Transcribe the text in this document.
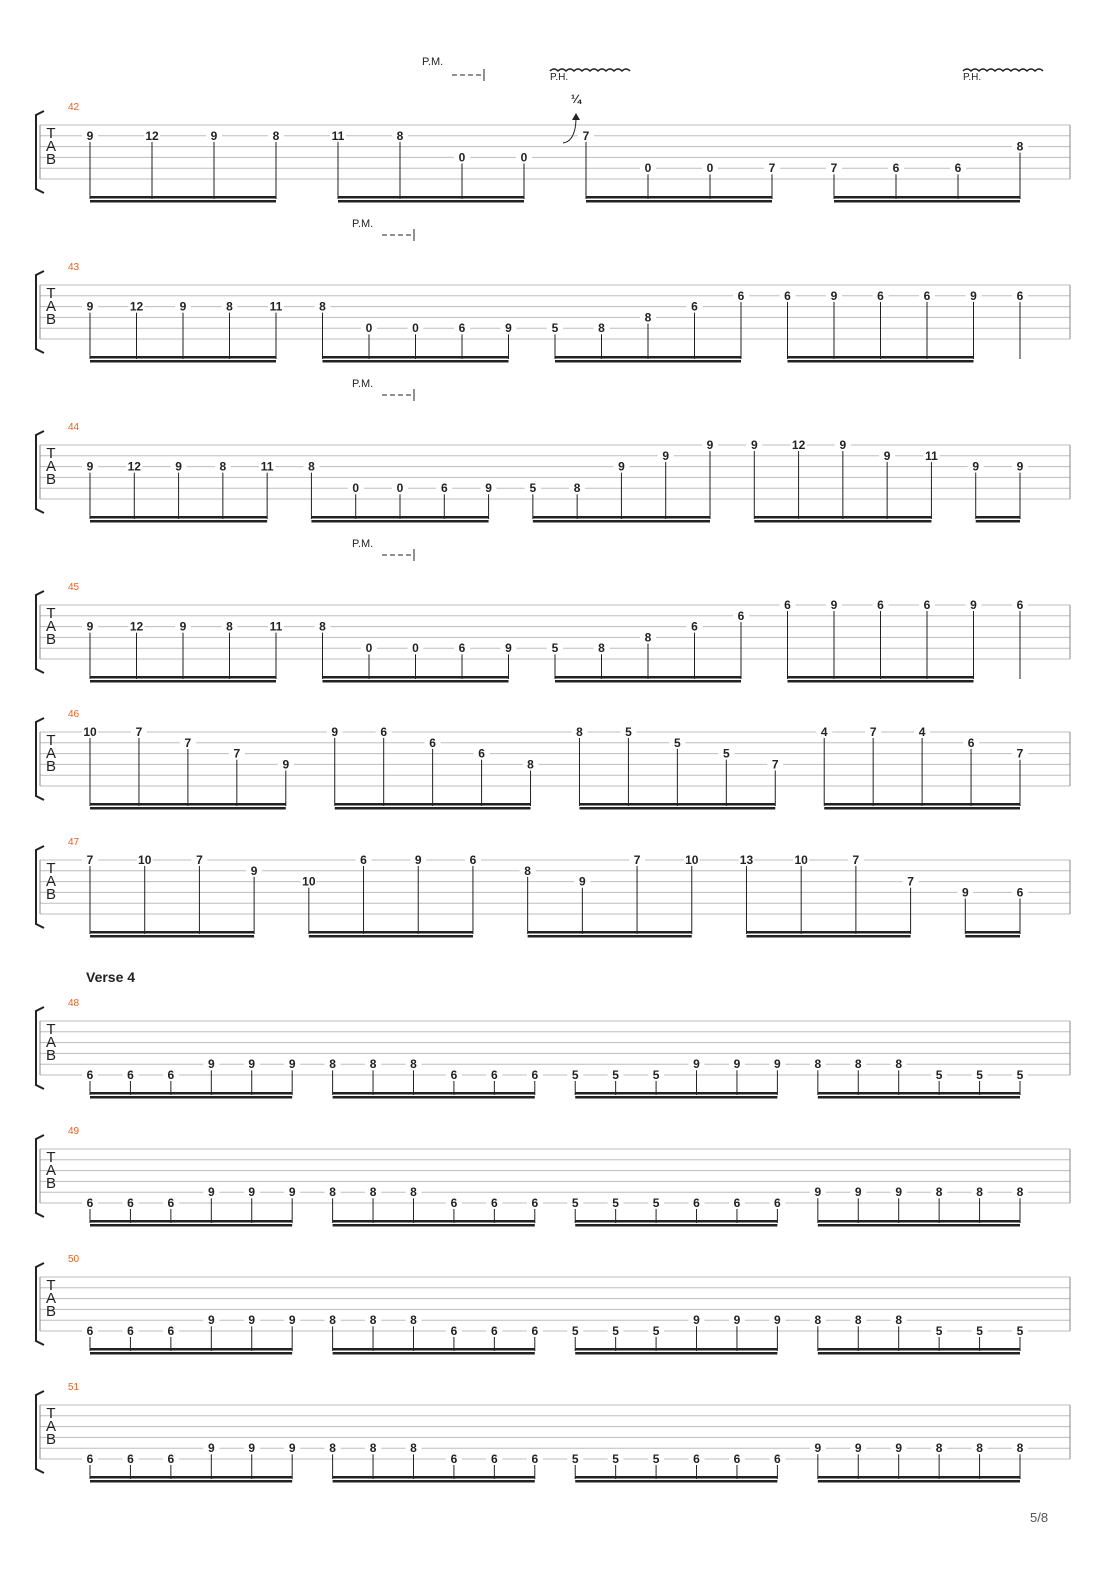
T
A
B
42
9	12	9	8	11	8
0	0
7
0	0	7	7	6	6
8
P.M.
P.H.	P.H.
¼
T
A
B
43
9	12	9	8	11	8
0	0	6	9	5	8
8
6
6	6	9	6	6	9	6
P.M.
T
A
B
44
9	12	9	8	11	8
0	0	6	9	5	8
9
9
9	9	12	9
9	11
9	9
P.M.
T
A
B
45
9	12	9	8	11	8
0	0	6	9	5	8
8
6
6
6	9	6	6	9	6
P.M.
T
A
B
46
10	7
7
7
9
9	6
6
6
8
8	5
5
5
7
4	7	4
6
7
T
A
B
47
7	10	7
9
10
6	9	6
8
9
7	10	13	10	7
7
9	6
T
A
B
48
Verse 4
6	6	6
9	9	9	8	8	8
6	6	6	5	5	5
9	9	9	8	8	8
5	5	5
T
A
B
49
6	6	6
9	9	9	8	8	8
6	6	6	5	5	5	6	6	6
9	9	9	8	8	8
T
A
B
50
6	6	6
9	9	9	8	8	8
6	6	6	5	5	5
9	9	9	8	8	8
5	5	5
T
A
B
51
6	6	6
9	9	9	8	8	8
6	6	6	5	5	5	6	6	6
9	9	9	8	8	8
5/8
